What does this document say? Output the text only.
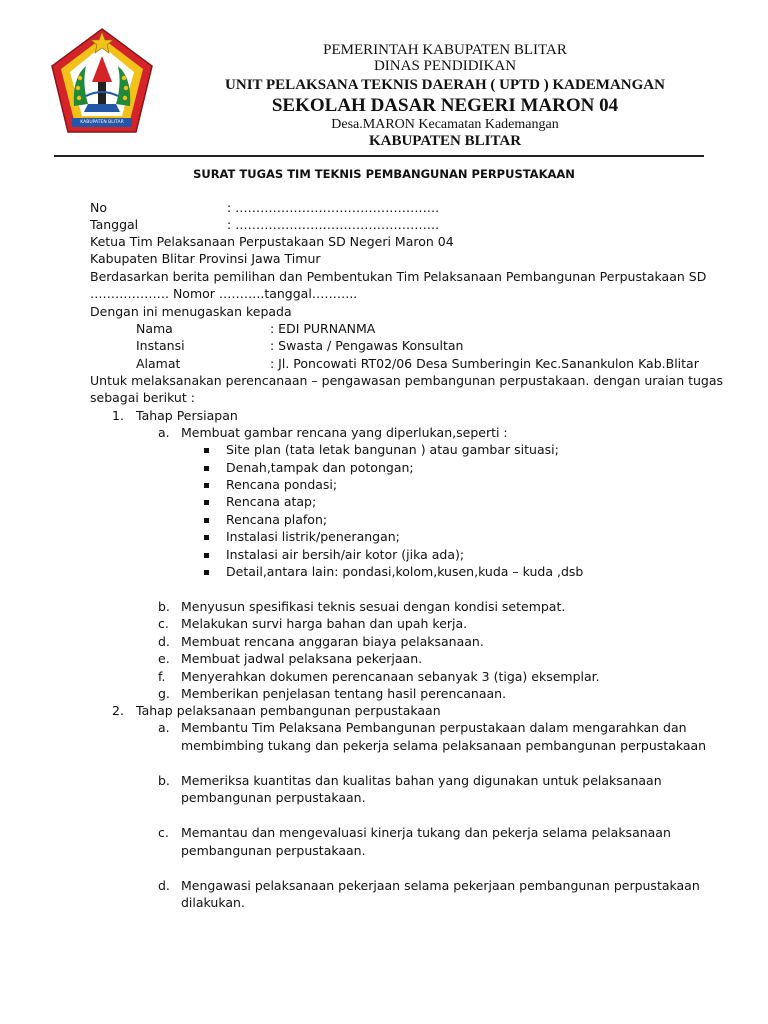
KABUPATEN BLITAR
PEMERINTAH KABUPATEN BLITAR
DINAS PENDIDIKAN
UNIT PELAKSANA TEKNIS DAERAH ( UPTD ) KADEMANGAN
SEKOLAH DASAR NEGERI MARON 04
Desa.MARON Kecamatan Kademangan
KABUPATEN BLITAR
SURAT TUGAS TIM TEKNIS PEMBANGUNAN PERPUSTAKAAN
No	: ………………………………………….
Tanggal	: ………………………………………….
Ketua Tim Pelaksanaan Perpustakaan SD Negeri Maron 04
Kabupaten Blitar Provinsi Jawa Timur
Berdasarkan berita pemilihan dan Pembentukan Tim Pelaksanaan Pembangunan Perpustakaan SD
………………. Nomor ………..tanggal………..
Dengan ini menugaskan kepada
Nama	: EDI PURNANMA
Instansi	: Swasta / Pengawas Konsultan
Alamat	: Jl. Poncowati RT02/06 Desa Sumberingin Kec.Sanankulon Kab.Blitar
Untuk melaksanakan perencanaan – pengawasan pembangunan perpustakaan. dengan uraian tugas
sebagai berikut :
1. Tahap Persiapan
a. Membuat gambar rencana yang diperlukan,seperti :
Site plan (tata letak bangunan ) atau gambar situasi;
Denah,tampak dan potongan;
Rencana pondasi;
Rencana atap;
Rencana plafon;
Instalasi listrik/penerangan;
Instalasi air bersih/air kotor (jika ada);
Detail,antara lain: pondasi,kolom,kusen,kuda – kuda ,dsb
b. Menyusun spesifikasi teknis sesuai dengan kondisi setempat.
c. Melakukan survi harga bahan dan upah kerja.
d. Membuat rencana anggaran biaya pelaksanaan.
e. Membuat jadwal pelaksana pekerjaan.
f. Menyerahkan dokumen perencanaan sebanyak 3 (tiga) eksemplar.
g. Memberikan penjelasan tentang hasil perencanaan.
2. Tahap pelaksanaan pembangunan perpustakaan
a. Membantu Tim Pelaksana Pembangunan perpustakaan dalam mengarahkan dan
membimbing tukang dan pekerja selama pelaksanaan pembangunan perpustakaan
b. Memeriksa kuantitas dan kualitas bahan yang digunakan untuk pelaksanaan
pembangunan perpustakaan.
c. Memantau dan mengevaluasi kinerja tukang dan pekerja selama pelaksanaan
pembangunan perpustakaan.
d. Mengawasi pelaksanaan pekerjaan selama pekerjaan pembangunan perpustakaan
dilakukan.
